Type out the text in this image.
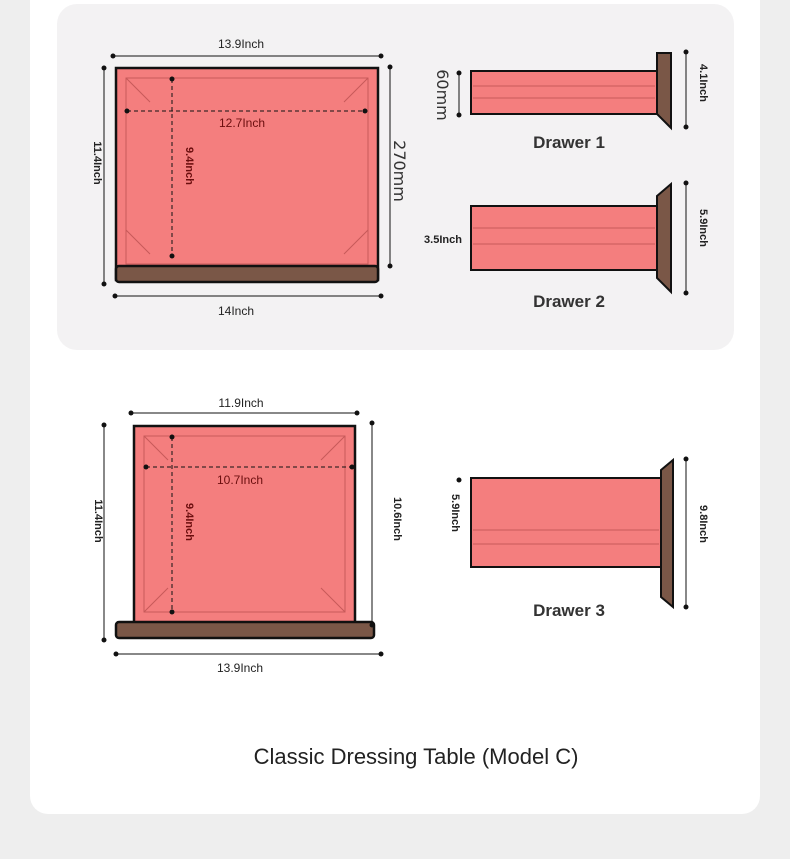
12.7Inch
9.4Inch
13.9Inch
14Inch
11.4Inch	270mm
60mm	4.1Inch
Drawer 1
3.5Inch	5.9Inch
Drawer 2
10.7Inch
9.4Inch
11.9Inch
13.9Inch
11.4Inch	10.6Inch	5.9Inch	9.8Inch
Drawer 3
Classic Dressing Table (Model C)
